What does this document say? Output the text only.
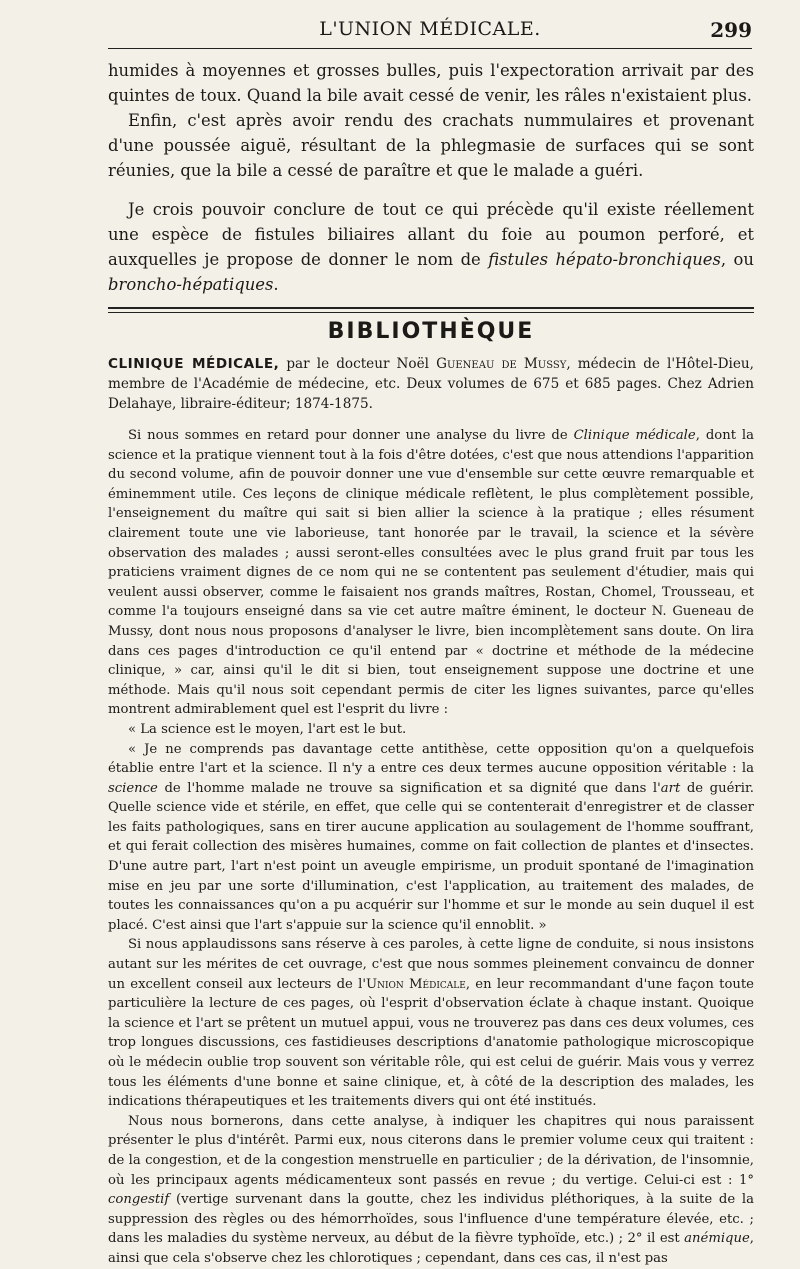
L'UNION MÉDICALE.	299

humides à moyennes et grosses bulles, puis l'expectoration arrivait par des quintes de toux. Quand la bile avait cessé de venir, les râles n'existaient plus.

Enfin, c'est après avoir rendu des crachats nummulaires et provenant d'une poussée aiguë, résultant de la phlegmasie de surfaces qui se sont réunies, que la bile a cessé de paraître et que le malade a guéri.

Je crois pouvoir conclure de tout ce qui précède qu'il existe réellement une espèce de fistules biliaires allant du foie au poumon perforé, et auxquelles je propose de donner le nom de fistules hépato-bronchiques, ou broncho-hépatiques.

BIBLIOTHÈQUE

CLINIQUE MÉDICALE, par le docteur Noël Gueneau de Mussy, médecin de l'Hôtel-Dieu, membre de l'Académie de médecine, etc. Deux volumes de 675 et 685 pages. Chez Adrien Delahaye, libraire-éditeur; 1874-1875.

Si nous sommes en retard pour donner une analyse du livre de Clinique médicale, dont la science et la pratique viennent tout à la fois d'être dotées, c'est que nous attendions l'apparition du second volume, afin de pouvoir donner une vue d'ensemble sur cette œuvre remarquable et éminemment utile. Ces leçons de clinique médicale reflètent, le plus complètement possible, l'enseignement du maître qui sait si bien allier la science à la pratique ; elles résument clairement toute une vie laborieuse, tant honorée par le travail, la science et la sévère observation des malades ; aussi seront-elles consultées avec le plus grand fruit par tous les praticiens vraiment dignes de ce nom qui ne se contentent pas seulement d'étudier, mais qui veulent aussi observer, comme le faisaient nos grands maîtres, Rostan, Chomel, Trousseau, et comme l'a toujours enseigné dans sa vie cet autre maître éminent, le docteur N. Gueneau de Mussy, dont nous nous proposons d'analyser le livre, bien incomplètement sans doute. On lira dans ces pages d'introduction ce qu'il entend par « doctrine et méthode de la médecine clinique, » car, ainsi qu'il le dit si bien, tout enseignement suppose une doctrine et une méthode. Mais qu'il nous soit cependant permis de citer les lignes suivantes, parce qu'elles montrent admirablement quel est l'esprit du livre :

« La science est le moyen, l'art est le but.

« Je ne comprends pas davantage cette antithèse, cette opposition qu'on a quelquefois établie entre l'art et la science. Il n'y a entre ces deux termes aucune opposition véritable : la science de l'homme malade ne trouve sa signification et sa dignité que dans l'art de guérir. Quelle science vide et stérile, en effet, que celle qui se contenterait d'enregistrer et de classer les faits pathologiques, sans en tirer aucune application au soulagement de l'homme souffrant, et qui ferait collection des misères humaines, comme on fait collection de plantes et d'insectes. D'une autre part, l'art n'est point un aveugle empirisme, un produit spontané de l'imagination mise en jeu par une sorte d'illumination, c'est l'application, au traitement des malades, de toutes les connaissances qu'on a pu acquérir sur l'homme et sur le monde au sein duquel il est placé. C'est ainsi que l'art s'appuie sur la science qu'il ennoblit. »

Si nous applaudissons sans réserve à ces paroles, à cette ligne de conduite, si nous insistons autant sur les mérites de cet ouvrage, c'est que nous sommes pleinement convaincu de donner un excellent conseil aux lecteurs de l'Union Médicale, en leur recommandant d'une façon toute particulière la lecture de ces pages, où l'esprit d'observation éclate à chaque instant. Quoique la science et l'art se prêtent un mutuel appui, vous ne trouverez pas dans ces deux volumes, ces trop longues discussions, ces fastidieuses descriptions d'anatomie pathologique microscopique où le médecin oublie trop souvent son véritable rôle, qui est celui de guérir. Mais vous y verrez tous les éléments d'une bonne et saine clinique, et, à côté de la description des malades, les indications thérapeutiques et les traitements divers qui ont été institués.

Nous nous bornerons, dans cette analyse, à indiquer les chapitres qui nous paraissent présenter le plus d'intérêt. Parmi eux, nous citerons dans le premier volume ceux qui traitent : de la congestion, et de la congestion menstruelle en particulier ; de la dérivation, de l'insomnie, où les principaux agents médicamenteux sont passés en revue ; du vertige. Celui-ci est : 1° congestif (vertige survenant dans la goutte, chez les individus pléthoriques, à la suite de la suppression des règles ou des hémorrhoïdes, sous l'influence d'une température élevée, etc. ; dans les maladies du système nerveux, au début de la fièvre typhoïde, etc.) ; 2° il est anémique, ainsi que cela s'observe chez les chlorotiques ; cependant, dans ces cas, il n'est pas
